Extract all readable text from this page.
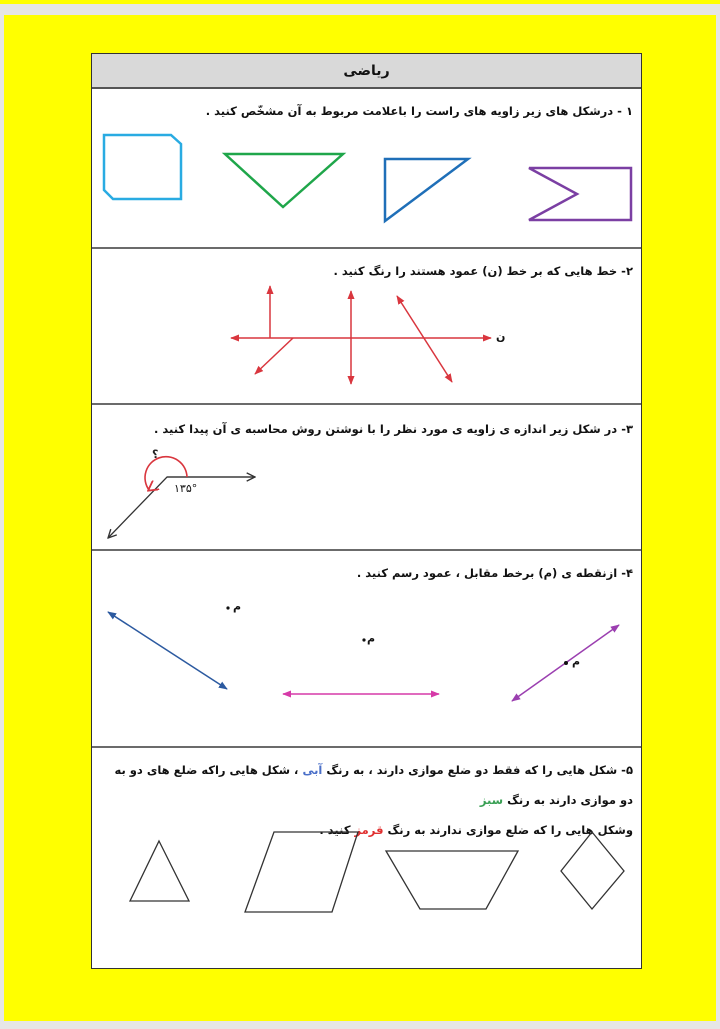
ریاضی
۱ - درشکل های زیر زاویه های راست را باعلامت مربوط به آن مشخّص کنید .
۲- خط هایی که بر خط (ن) عمود هستند را رنگ کنید .
ن
۳- در شکل زیر اندازه ی زاویه ی مورد نظر را با نوشتن روش محاسبه ی آن پیدا کنید .
؟
۱۳۵°
۴- ازنقطه ی (م) برخط مقابل ، عمود رسم کنید .
م
م
م
۵- شکل هایی را که فقط دو ضلع موازی دارند ، به رنگ آبی ، شکل هایی راکه ضلع های دو به دو موازی دارند به رنگ سبز
وشکل هایی را که ضلع موازی ندارند به رنگ قرمز کنید .
